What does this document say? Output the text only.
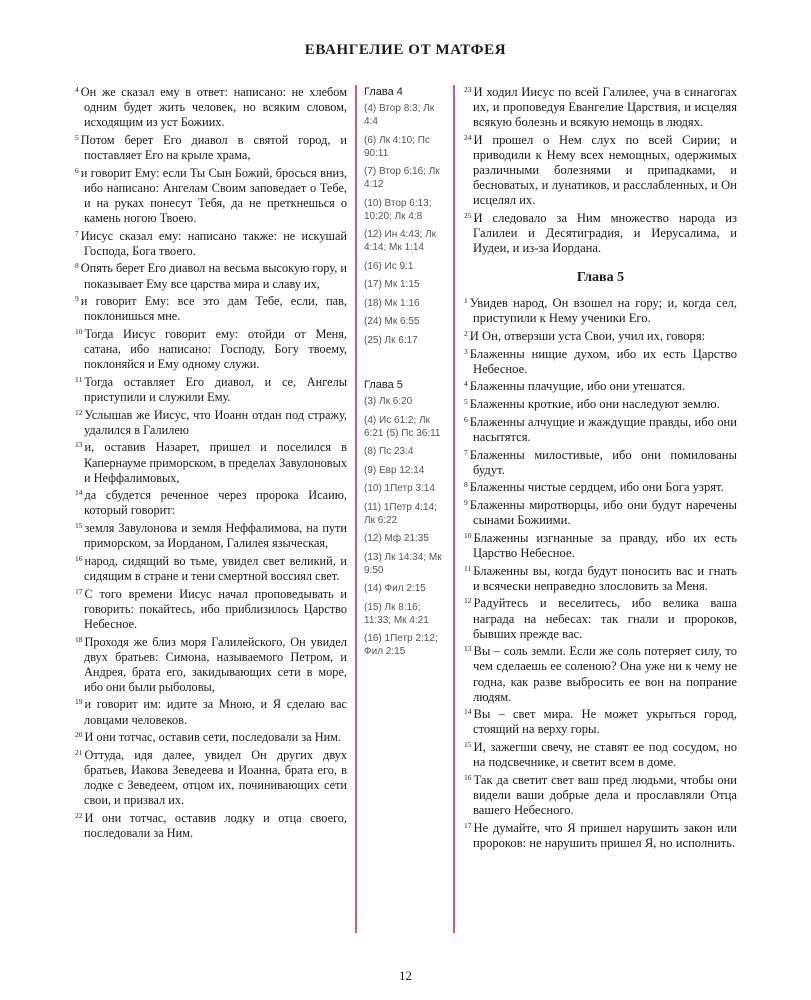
ЕВАНГЕЛИЕ ОТ МАТФЕЯ

$^4$ Он же сказал ему в ответ: написано: не хлебом одним будет жить человек, но всяким словом, исходящим из уст Божиих.

$^5$ Потом берет Его диавол в святой город, и поставляет Его на крыле храма,

$^6$ и говорит Ему: если Ты Сын Божий, бросься вниз, ибо написано: Ангелам Своим заповедает о Тебе, и на руках понесут Тебя, да не преткнешься о камень ногою Твоею.

$^7$ Иисус сказал ему: написано также: не искушай Господа, Бога твоего.

$^8$ Опять берет Его диавол на весьма высокую гору, и показывает Ему все царства мира и славу их,

$^9$ и говорит Ему: все это дам Тебе, если, пав, поклонишься мне.

$^{10}$ Тогда Иисус говорит ему: отойди от Меня, сатана, ибо написано: Господу, Богу твоему, поклоняйся и Ему одному служи.

$^{11}$ Тогда оставляет Его диавол, и се, Ангелы приступили и служили Ему.

$^{12}$ Услышав же Иисус, что Иоанн отдан под стражу, удалился в Галилею

$^{13}$ и, оставив Назарет, пришел и поселился в Капернауме приморском, в пределах Завулоновых и Неффалимовых,

$^{14}$ да сбудется реченное через пророка Исаию, который говорит:

$^{15}$ земля Завулонова и земля Неффалимова, на пути приморском, за Иорданом, Галилея языческая,

$^{16}$ народ, сидящий во тьме, увидел свет великий, и сидящим в стране и тени смертной воссиял свет.

$^{17}$ С того времени Иисус начал проповедывать и говорить: покайтесь, ибо приблизилось Царство Небесное.

$^{18}$ Проходя же близ моря Галилейского, Он увидел двух братьев: Симона, называемого Петром, и Андрея, брата его, закидывающих сети в море, ибо они были рыболовы,

$^{19}$ и говорит им: идите за Мною, и Я сделаю вас ловцами человеков.

$^{20}$ И они тотчас, оставив сети, последовали за Ним.

$^{21}$ Оттуда, идя далее, увидел Он других двух братьев, Иакова Зеведеева и Иоанна, брата его, в лодке с Зеведеем, отцом их, починивающих сети свои, и призвал их.

$^{22}$ И они тотчас, оставив лодку и отца своего, последовали за Ним.

Глава 4
(4) Втор 8:3; Лк 4:4
(6) Лк 4:10; Пс 90:11
(7) Втор 6:16; Лк 4:12
(10) Втор 6:13; 10:20; Лк 4:8
(12) Ин 4:43; Лк 4:14; Мк 1:14
(16) Ис 9:1
(17) Мк 1:15
(18) Мк 1:16
(24) Мк 6:55
(25) Лк 6:17
Глава 5
(3) Лк 6:20
(4) Ис 61:2; Лк 6:21 (5) Пс 36:11
(8) Пс 23:4
(9) Евр 12:14
(10) 1Петр 3:14
(11) 1Петр 4:14; Лк 6:22
(12) Мф 21:35
(13) Лк 14:34; Мк 9:50
(14) Фил 2:15
(15) Лк 8:16; 11:33; Мк 4:21
(16) 1Петр 2:12; Фил 2:15

$^{23}$ И ходил Иисус по всей Галилее, уча в синагогах их, и проповедуя Евангелие Царствия, и исцеляя всякую болезнь и всякую немощь в людях.

$^{24}$ И прошел о Нем слух по всей Сирии; и приводили к Нему всех немощных, одержимых различными болезнями и припадками, и бесноватых, и лунатиков, и расслабленных, и Он исцелял их.

$^{25}$ И следовало за Ним множество народа из Галилеи и Десятиградия, и Иерусалима, и Иудеи, и из-за Иордана.

Глава 5

$^1$ Увидев народ, Он взошел на гору; и, когда сел, приступили к Нему ученики Его.

$^2$ И Он, отверзши уста Свои, учил их, говоря:

$^3$ Блаженны нищие духом, ибо их есть Царство Небесное.

$^4$ Блаженны плачущие, ибо они утешатся.

$^5$ Блаженны кроткие, ибо они наследуют землю.

$^6$ Блаженны алчущие и жаждущие правды, ибо они насытятся.

$^7$ Блаженны милостивые, ибо они помилованы будут.

$^8$ Блаженны чистые сердцем, ибо они Бога узрят.

$^9$ Блаженны миротворцы, ибо они будут наречены сынами Божиими.

$^{10}$ Блаженны изгнанные за правду, ибо их есть Царство Небесное.

$^{11}$ Блаженны вы, когда будут поносить вас и гнать и всячески неправедно злословить за Меня.

$^{12}$ Радуйтесь и веселитесь, ибо велика ваша награда на небесах: так гнали и пророков, бывших прежде вас.

$^{13}$ Вы – соль земли. Если же соль потеряет силу, то чем сделаешь ее соленою? Она уже ни к чему не годна, как разве выбросить ее вон на попрание людям.

$^{14}$ Вы – свет мира. Не может укрыться город, стоящий на верху горы.

$^{15}$ И, зажегши свечу, не ставят ее под сосудом, но на подсвечнике, и светит всем в доме.

$^{16}$ Так да светит свет ваш пред людьми, чтобы они видели ваши добрые дела и прославляли Отца вашего Небесного.

$^{17}$ Не думайте, что Я пришел нарушить закон или пророков: не нарушить пришел Я, но исполнить.

12
